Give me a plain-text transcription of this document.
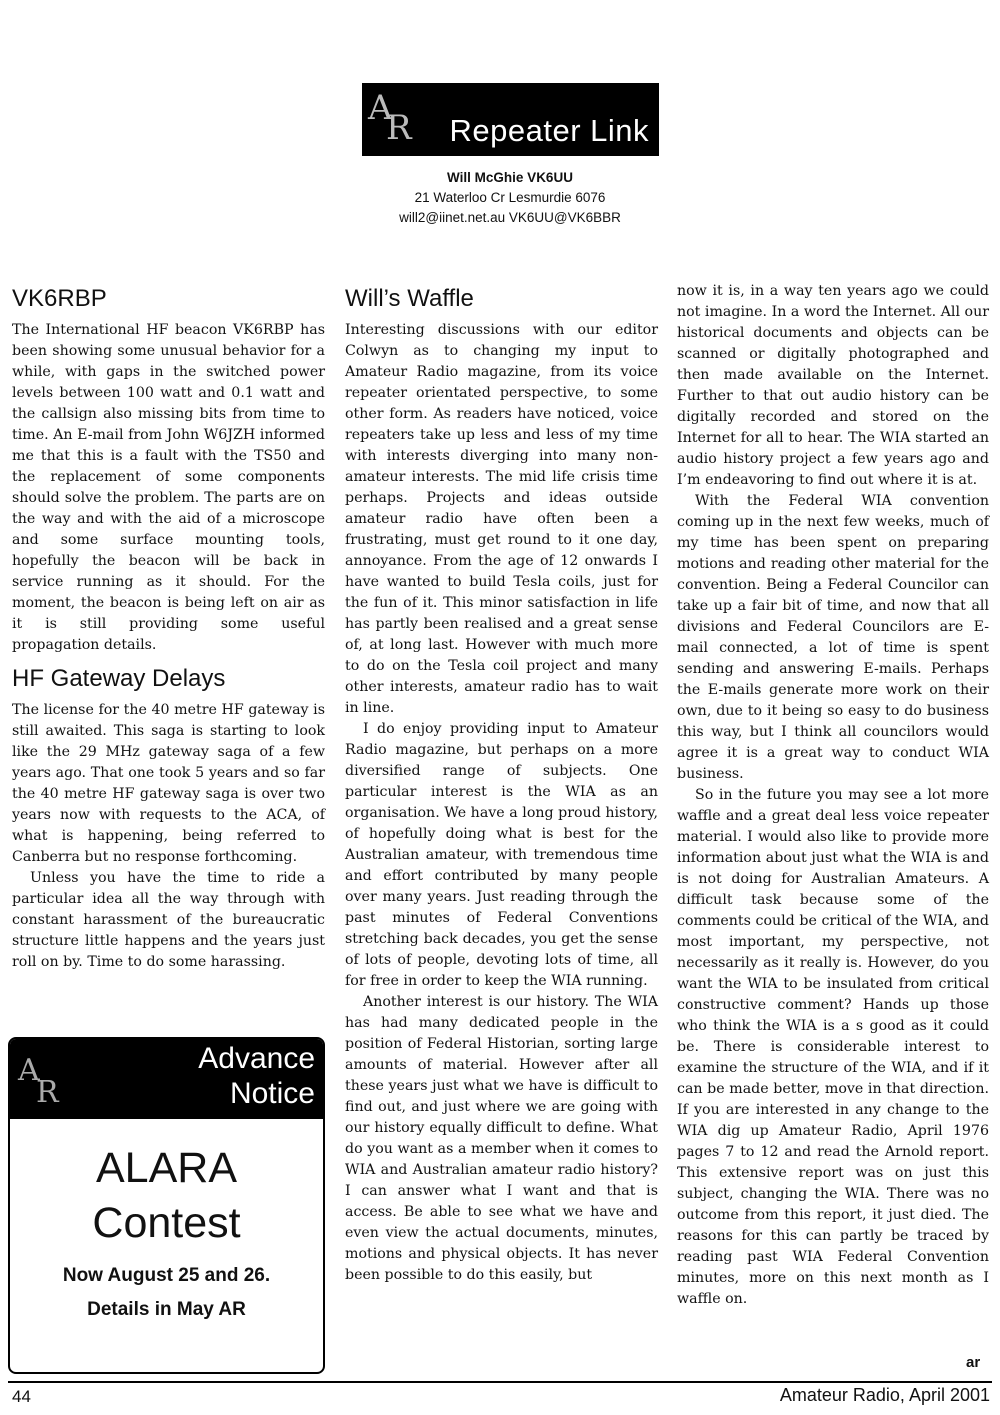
A
R Repeater Link
Will McGhie VK6UU
21 Waterloo Cr Lesmurdie 6076
will2@iinet.net.au VK6UU@VK6BBR
VK6RBP

The International HF beacon VK6RBP has been showing some unusual behavior for a while, with gaps in the switched power levels between 100 watt and 0.1 watt and the callsign also missing bits from time to time. An E-mail from John W6JZH informed me that this is a fault with the TS50 and the replacement of some components should solve the problem. The parts are on the way and with the aid of a microscope and some surface mounting tools, hopefully the beacon will be back in service running as it should. For the moment, the beacon is being left on air as it is still providing some useful propagation details.

HF Gateway Delays

The license for the 40 metre HF gateway is still awaited. This saga is starting to look like the 29 MHz gateway saga of a few years ago. That one took 5 years and so far the 40 metre HF gateway saga is over two years now with requests to the ACA, of what is happening, being referred to Canberra but no response forthcoming.

Unless you have the time to ride a particular idea all the way through with constant harassment of the bureaucratic structure little happens and the years just roll on by. Time to do some harassing.

A
R
Advance
Notice
ALARA
Contest
Now August 25 and 26.
Details in May AR
Will’s Waffle

Interesting discussions with our editor Colwyn as to changing my input to Amateur Radio magazine, from its voice repeater orientated perspective, to some other form. As readers have noticed, voice repeaters take up less and less of my time with interests diverging into many non-amateur interests. The mid life crisis time perhaps. Projects and ideas outside amateur radio have often been a frustrating, must get round to it one day, annoyance. From the age of 12 onwards I have wanted to build Tesla coils, just for the fun of it. This minor satisfaction in life has partly been realised and a great sense of, at long last. However with much more to do on the Tesla coil project and many other interests, amateur radio has to wait in line.

I do enjoy providing input to Amateur Radio magazine, but perhaps on a more diversified range of subjects. One particular interest is the WIA as an organisation. We have a long proud history, of hopefully doing what is best for the Australian amateur, with tremendous time and effort contributed by many people over many years. Just reading through the past minutes of Federal Conventions stretching back decades, you get the sense of lots of people, devoting lots of time, all for free in order to keep the WIA running.

Another interest is our history. The WIA has had many dedicated people in the position of Federal Historian, sorting large amounts of material. However after all these years just what we have is difficult to find out, and just where we are going with our history equally difficult to define. What do you want as a member when it comes to WIA and Australian amateur radio history? I can answer what I want and that is access. Be able to see what we have and even view the actual documents, minutes, motions and physical objects. It has never been possible to do this easily, but

now it is, in a way ten years ago we could not imagine. In a word the Internet. All our historical documents and objects can be scanned or digitally photographed and then made available on the Internet. Further to that out audio history can be digitally recorded and stored on the Internet for all to hear. The WIA started an audio history project a few years ago and I’m endeavoring to find out where it is at.

With the Federal WIA convention coming up in the next few weeks, much of my time has been spent on preparing motions and reading other material for the convention. Being a Federal Councilor can take up a fair bit of time, and now that all divisions and Federal Councilors are E-mail connected, a lot of time is spent sending and answering E-mails. Perhaps the E-mails generate more work on their own, due to it being so easy to do business this way, but I think all councilors would agree it is a great way to conduct WIA business.

So in the future you may see a lot more waffle and a great deal less voice repeater material. I would also like to provide more information about just what the WIA is and is not doing for Australian Amateurs. A difficult task because some of the comments could be critical of the WIA, and most important, my perspective, not necessarily as it really is. However, do you want the WIA to be insulated from critical constructive comment? Hands up those who think the WIA is a s good as it could be. There is considerable interest to examine the structure of the WIA, and if it can be made better, move in that direction. If you are interested in any change to the WIA dig up Amateur Radio, April 1976 pages 7 to 12 and read the Arnold report. This extensive report was on just this subject, changing the WIA. There was no outcome from this report, it just died. The reasons for this can partly be traced by reading past WIA Federal Convention minutes, more on this next month as I waffle on.

ar
44	Amateur Radio, April 2001
